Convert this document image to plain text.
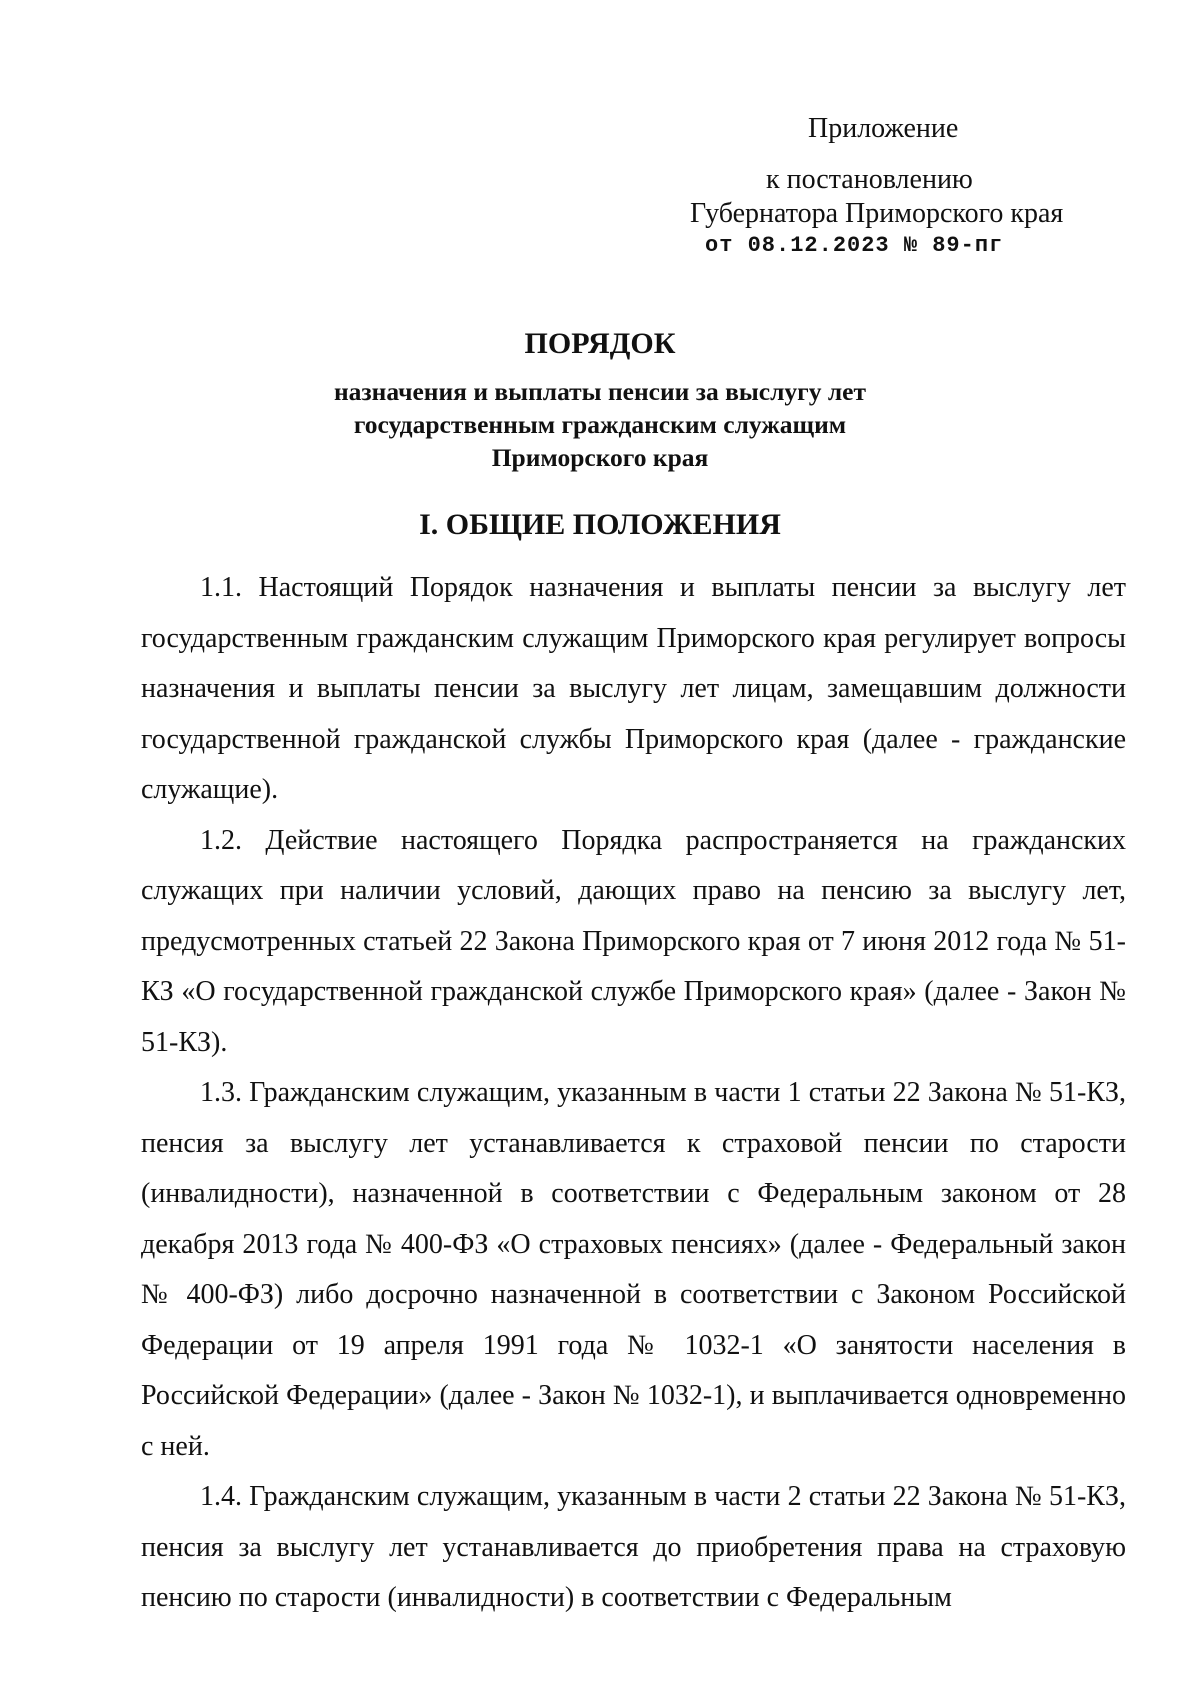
Приложение
к постановлению
Губернатора Приморского края
от 08.12.2023 № 89-пг
ПОРЯДОК
назначения и выплаты пенсии за выслугу лет
государственным гражданским служащим
Приморского края
I. ОБЩИЕ ПОЛОЖЕНИЯ

1.1. Настоящий Порядок назначения и выплаты пенсии за выслугу лет государственным гражданским служащим Приморского края регулирует вопросы назначения и выплаты пенсии за выслугу лет лицам, замещавшим должности государственной гражданской службы Приморского края (далее - гражданские служащие).

1.2. Действие настоящего Порядка распространяется на гражданских служащих при наличии условий, дающих право на пенсию за выслугу лет, предусмотренных статьей 22 Закона Приморского края от 7 июня 2012 года № 51-КЗ «О государственной гражданской службе Приморского края» (далее - Закон № 51-КЗ).

1.3. Гражданским служащим, указанным в части 1 статьи 22 Закона № 51-КЗ, пенсия за выслугу лет устанавливается к страховой пенсии по старости (инвалидности), назначенной в соответствии с Федеральным законом от 28 декабря 2013 года № 400-ФЗ «О страховых пенсиях» (далее - Федеральный закон № 400-ФЗ) либо досрочно назначенной в соответствии с Законом Российской Федерации от 19 апреля 1991 года № 1032-1 «О занятости населения в Российской Федерации» (далее - Закон № 1032-1), и выплачивается одновременно с ней.

1.4. Гражданским служащим, указанным в части 2 статьи 22 Закона № 51-КЗ, пенсия за выслугу лет устанавливается до приобретения права на страховую пенсию по старости (инвалидности) в соответствии с Федеральным
